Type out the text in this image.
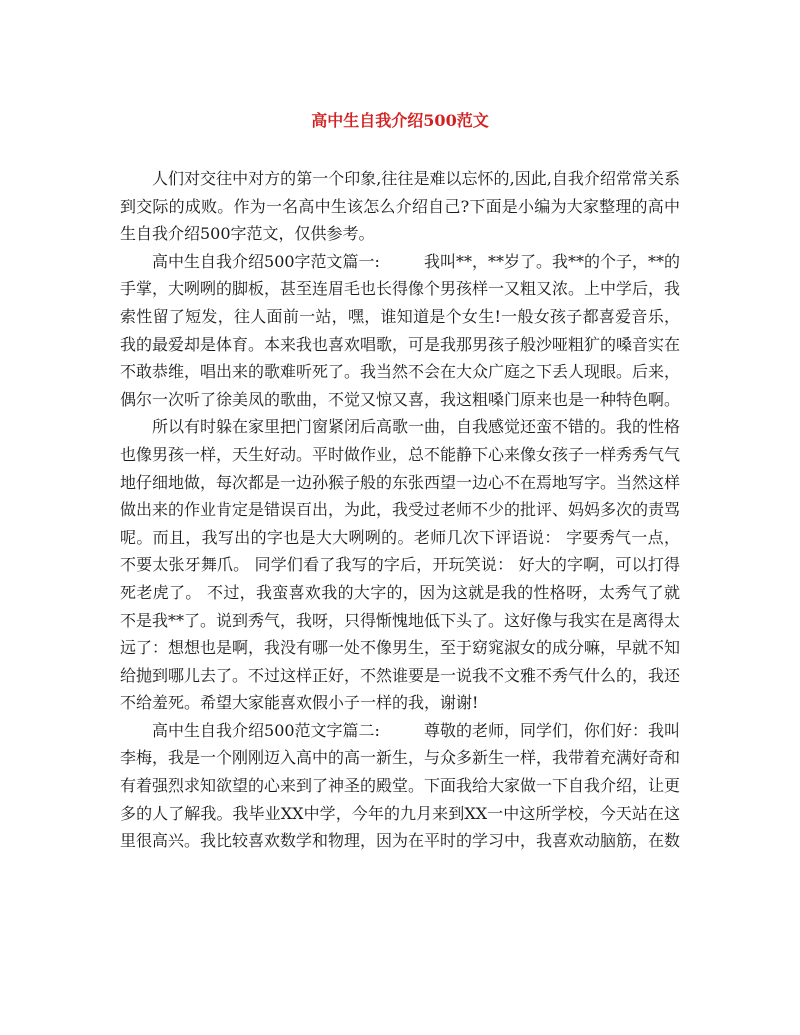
高中生自我介绍500范文

人们对交往中对方的第一个印象,往往是难以忘怀的,因此,自我介绍常常关系到交际的成败。作为一名高中生该怎么介绍自己?下面是小编为大家整理的高中生自我介绍500字范文，仅供参考。

高中生自我介绍500字范文篇一:	我叫**，**岁了。我**的个子，**的手掌，大咧咧的脚板，甚至连眉毛也长得像个男孩样一又粗又浓。上中学后，我索性留了短发，往人面前一站，嘿，谁知道是个女生!一般女孩子都喜爱音乐，我的最爱却是体育。本来我也喜欢唱歌，可是我那男孩子般沙哑粗犷的嗓音实在不敢恭维，唱出来的歌难听死了。我当然不会在大众广庭之下丢人现眼。后来，偶尔一次听了徐美凤的歌曲，不觉又惊又喜，我这粗嗓门原来也是一种特色啊。

所以有时躲在家里把门窗紧闭后高歌一曲，自我感觉还蛮不错的。我的性格也像男孩一样，天生好动。平时做作业，总不能静下心来像女孩子一样秀秀气气地仔细地做，每次都是一边孙猴子般的东张西望一边心不在焉地写字。当然这样做出来的作业肯定是错误百出，为此，我受过老师不少的批评、妈妈多次的责骂呢。而且，我写出的字也是大大咧咧的。老师几次下评语说： 字要秀气一点，不要太张牙舞爪。 同学们看了我写的字后，开玩笑说： 好大的字啊，可以打得死老虎了。 不过，我蛮喜欢我的大字的，因为这就是我的性格呀，太秀气了就不是我**了。说到秀气，我呀，只得惭愧地低下头了。这好像与我实在是离得太远了：想想也是啊，我没有哪一处不像男生，至于窈窕淑女的成分嘛，早就不知给抛到哪儿去了。不过这样正好，不然谁要是一说我不文雅不秀气什么的，我还不给羞死。希望大家能喜欢假小子一样的我，谢谢!

高中生自我介绍500范文字篇二:	尊敬的老师，同学们，你们好：我叫李梅，我是一个刚刚迈入高中的高一新生，与众多新生一样，我带着充满好奇和有着强烈求知欲望的心来到了神圣的殿堂。下面我给大家做一下自我介绍，让更多的人了解我。我毕业XX中学，今年的九月来到XX一中这所学校，今天站在这里很高兴。我比较喜欢数学和物理，因为在平时的学习中，我喜欢动脑筋，在数
